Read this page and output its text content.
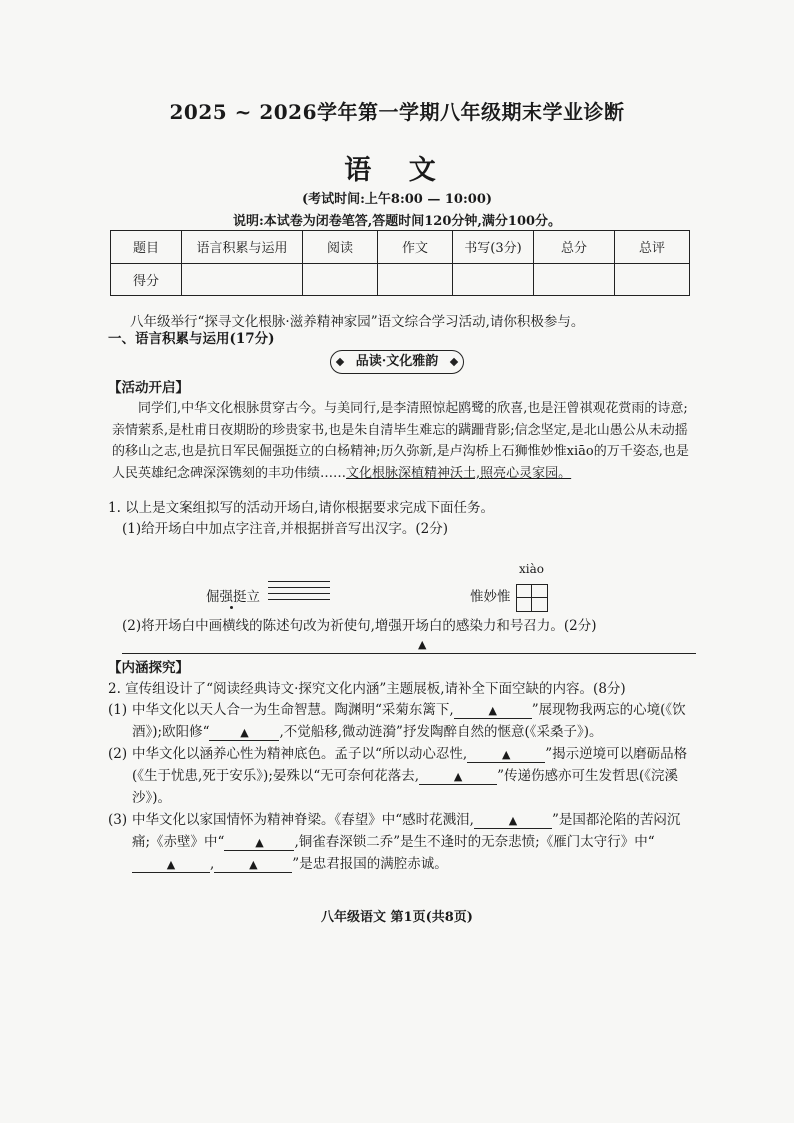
2025 ~ 2026学年第一学期八年级期末学业诊断
语 文
(考试时间:上午8:00 — 10:00)
说明:本试卷为闭卷笔答,答题时间120分钟,满分100分。
题目	语言积累与运用	阅读	作文	书写(3分)	总分	总评
得分						
八年级举行“探寻文化根脉·滋养精神家园”语文综合学习活动,请你积极参与。
一、语言积累与运用(17分)
品读·文化雅韵
【活动开启】

同学们,中华文化根脉贯穿古今。与美同行,是李清照惊起鸥鹭的欣喜,也是汪曾祺观花赏雨的诗意;亲情萦系,是杜甫日夜期盼的珍贵家书,也是朱自清毕生难忘的蹒跚背影;信念坚定,是北山愚公从未动摇的移山之志,也是抗日军民倔强挺立的白杨精神;历久弥新,是卢沟桥上石狮惟妙惟xiāo的万千姿态,也是人民英雄纪念碑深深镌刻的丰功伟绩……文化根脉深植精神沃土,照亮心灵家园。

1. 以上是文案组拟写的活动开场白,请你根据要求完成下面任务。
(1)给开场白中加点字注音,并根据拼音写出汉字。(2分)
倔强挺立
xiào
惟妙惟
(2)将开场白中画横线的陈述句改为祈使句,增强开场白的感染力和号召力。(2分)
▲
【内涵探究】
2. 宣传组设计了“阅读经典诗文·探究文化内涵”主题展板,请补全下面空缺的内容。(8分)

(1) 中华文化以天人合一为生命智慧。陶渊明“采菊东篱下,	▲	”展现物我两忘的心境(《饮酒》);欧阳修“	▲ ,不觉船移,微动涟漪”抒发陶醉自然的惬意(《采桑子》)。

(2) 中华文化以涵养心性为精神底色。孟子以“所以动心忍性,	▲	”揭示逆境可以磨砺品格(《生于忧患,死于安乐》);晏殊以“无可奈何花落去,	▲	”传递伤感亦可生发哲思(《浣溪沙》)。

(3) 中华文化以家国情怀为精神脊梁。《春望》中“感时花溅泪,	▲	”是国都沦陷的苦闷沉痛;《赤壁》中“	▲ ,铜雀春深锁二乔”是生不逢时的无奈悲愤;《雁门太守行》中“▲	,	▲	”是忠君报国的满腔赤诚。

八年级语文 第1页(共8页)
